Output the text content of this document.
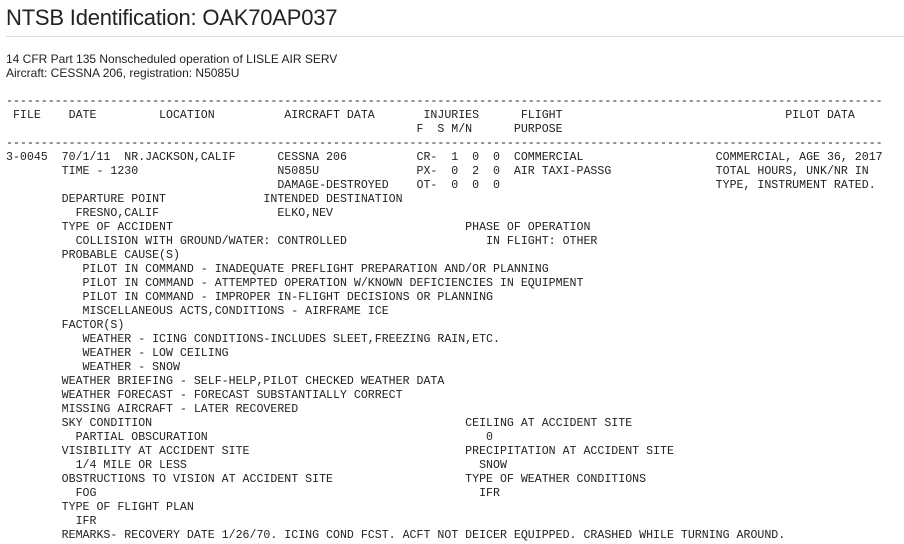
NTSB Identification: OAK70AP037
14 CFR Part 135 Nonscheduled operation of LISLE AIR SERV
Aircraft: CESSNA 206, registration: N5085U
------------------------------------------------------------------------------------------------------------------------------
FILE    DATE         LOCATION          AIRCRAFT DATA       INJURIES      FLIGHT                                PILOT DATA
F  S M/N      PURPOSE
------------------------------------------------------------------------------------------------------------------------------
3-0045  70/1/11  NR.JACKSON,CALIF      CESSNA 206          CR-  1  0  0  COMMERCIAL                   COMMERCIAL, AGE 36, 2017
TIME - 1230                    N5085U              PX-  0  2  0  AIR TAXI-PASSG               TOTAL HOURS, UNK/NR IN
DAMAGE-DESTROYED    OT-  0  0  0                               TYPE, INSTRUMENT RATED.
DEPARTURE POINT              INTENDED DESTINATION
FRESNO,CALIF                 ELKO,NEV
TYPE OF ACCIDENT                                          PHASE OF OPERATION
COLLISION WITH GROUND/WATER: CONTROLLED                    IN FLIGHT: OTHER
PROBABLE CAUSE(S)
PILOT IN COMMAND - INADEQUATE PREFLIGHT PREPARATION AND/OR PLANNING
PILOT IN COMMAND - ATTEMPTED OPERATION W/KNOWN DEFICIENCIES IN EQUIPMENT
PILOT IN COMMAND - IMPROPER IN-FLIGHT DECISIONS OR PLANNING
MISCELLANEOUS ACTS,CONDITIONS - AIRFRAME ICE
FACTOR(S)
WEATHER - ICING CONDITIONS-INCLUDES SLEET,FREEZING RAIN,ETC.
WEATHER - LOW CEILING
WEATHER - SNOW
WEATHER BRIEFING - SELF-HELP,PILOT CHECKED WEATHER DATA
WEATHER FORECAST - FORECAST SUBSTANTIALLY CORRECT
MISSING AIRCRAFT - LATER RECOVERED
SKY CONDITION                                             CEILING AT ACCIDENT SITE
PARTIAL OBSCURATION                                        0
VISIBILITY AT ACCIDENT SITE                               PRECIPITATION AT ACCIDENT SITE
1/4 MILE OR LESS                                          SNOW
OBSTRUCTIONS TO VISION AT ACCIDENT SITE                   TYPE OF WEATHER CONDITIONS
FOG                                                       IFR
TYPE OF FLIGHT PLAN
IFR
REMARKS- RECOVERY DATE 1/26/70. ICING COND FCST. ACFT NOT DEICER EQUIPPED. CRASHED WHILE TURNING AROUND.
